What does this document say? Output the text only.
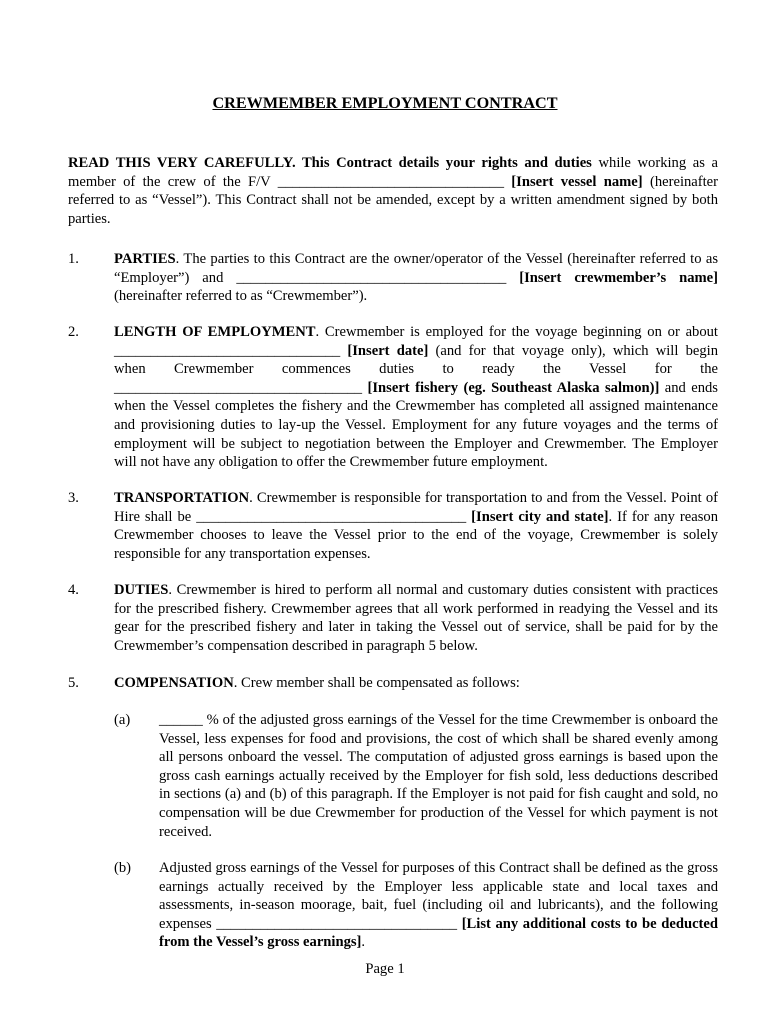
CREWMEMBER EMPLOYMENT CONTRACT
READ THIS VERY CAREFULLY. This Contract details your rights and duties while working as a member of the crew of the F/V _______________________________ [Insert vessel name] (hereinafter referred to as “Vessel”). This Contract shall not be amended, except by a written amendment signed by both parties.
1. PARTIES. The parties to this Contract are the owner/operator of the Vessel (hereinafter referred to as “Employer”) and _____________________________________ [Insert crewmember’s name] (hereinafter referred to as “Crewmember”).
2. LENGTH OF EMPLOYMENT. Crewmember is employed for the voyage beginning on or about
_______________________________ [Insert date] (and for that voyage only), which will begin
when Crewmember commences duties to ready the Vessel for the
__________________________________ [Insert fishery (eg. Southeast Alaska salmon)] and ends when the Vessel completes the fishery and the Crewmember has completed all assigned maintenance and provisioning duties to lay-up the Vessel. Employment for any future voyages and the terms of employment will be subject to negotiation between the Employer and Crewmember. The Employer will not have any obligation to offer the Crewmember future employment.
3. TRANSPORTATION. Crewmember is responsible for transportation to and from the Vessel. Point of Hire shall be _____________________________________ [Insert city and state]. If for any reason Crewmember chooses to leave the Vessel prior to the end of the voyage, Crewmember is solely responsible for any transportation expenses.
4. DUTIES. Crewmember is hired to perform all normal and customary duties consistent with practices for the prescribed fishery. Crewmember agrees that all work performed in readying the Vessel and its gear for the prescribed fishery and later in taking the Vessel out of service, shall be paid for by the Crewmember’s compensation described in paragraph 5 below.
5. COMPENSATION. Crew member shall be compensated as follows:
(a) ______ % of the adjusted gross earnings of the Vessel for the time Crewmember is onboard the Vessel, less expenses for food and provisions, the cost of which shall be shared evenly among all persons onboard the vessel. The computation of adjusted gross earnings is based upon the gross cash earnings actually received by the Employer for fish sold, less deductions described in sections (a) and (b) of this paragraph. If the Employer is not paid for fish caught and sold, no compensation will be due Crewmember for production of the Vessel for which payment is not received.
(b) Adjusted gross earnings of the Vessel for purposes of this Contract shall be defined as the gross earnings actually received by the Employer less applicable state and local taxes and assessments, in-season moorage, bait, fuel (including oil and lubricants), and the following expenses _________________________________ [List any additional costs to be deducted from the Vessel’s gross earnings].
Page 1
